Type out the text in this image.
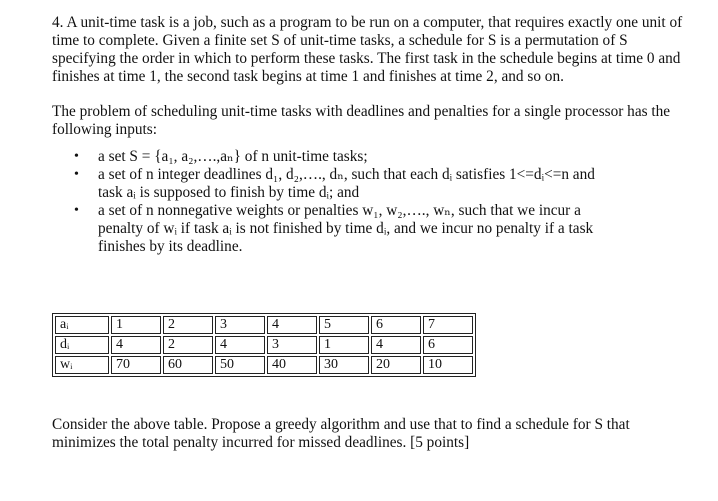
4. A unit-time task is a job, such as a program to be run on a computer, that requires exactly one unit of time to complete. Given a finite set S of unit-time tasks, a schedule for S is a permutation of S specifying the order in which to perform these tasks. The first task in the schedule begins at time 0 and finishes at time 1, the second task begins at time 1 and finishes at time 2, and so on.

The problem of scheduling unit-time tasks with deadlines and penalties for a single processor has the following inputs:

• a set S = {a₁, a₂,….,aₙ} of n unit-time tasks;
• a set of n integer deadlines d₁, d₂,…., dₙ, such that each dᵢ satisfies 1<=dᵢ<=n and task aᵢ is supposed to finish by time dᵢ; and
• a set of n nonnegative weights or penalties w₁, w₂,…., wₙ, such that we incur a penalty of wᵢ if task aᵢ is not finished by time dᵢ, and we incur no penalty if a task finishes by its deadline.
aᵢ	1	2	3	4	5	6	7
dᵢ	4	2	4	3	1	4	6
wᵢ	70	60	50	40	30	20	10

Consider the above table. Propose a greedy algorithm and use that to find a schedule for S that minimizes the total penalty incurred for missed deadlines. [5 points]
